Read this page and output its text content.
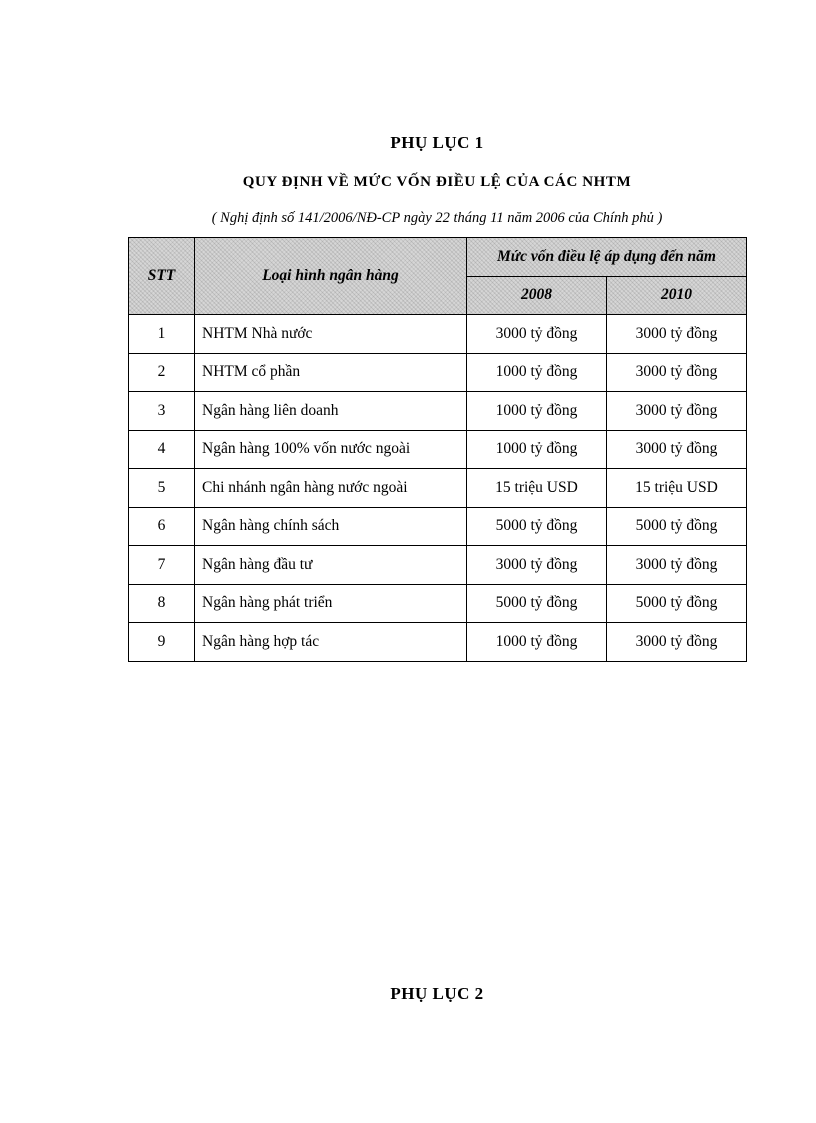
PHỤ LỤC 1

QUY ĐỊNH VỀ MỨC VỐN ĐIỀU LỆ CỦA CÁC NHTM

( Nghị định số 141/2006/NĐ-CP ngày 22 tháng 11 năm 2006 của Chính phủ )

STT	Loại hình ngân hàng	Mức vốn điều lệ áp dụng đến năm	
		2008	2010
1	NHTM Nhà nước	3000 tỷ đồng	3000 tỷ đồng
2	NHTM cổ phần	1000 tỷ đồng	3000 tỷ đồng
3	Ngân hàng liên doanh	1000 tỷ đồng	3000 tỷ đồng
4	Ngân hàng 100% vốn nước ngoài	1000 tỷ đồng	3000 tỷ đồng
5	Chi nhánh ngân hàng nước ngoài	15 triệu USD	15 triệu USD
6	Ngân hàng chính sách	5000 tỷ đồng	5000 tỷ đồng
7	Ngân hàng đầu tư	3000 tỷ đồng	3000 tỷ đồng
8	Ngân hàng phát triển	5000 tỷ đồng	5000 tỷ đồng
9	Ngân hàng hợp tác	1000 tỷ đồng	3000 tỷ đồng

PHỤ LỤC 2
